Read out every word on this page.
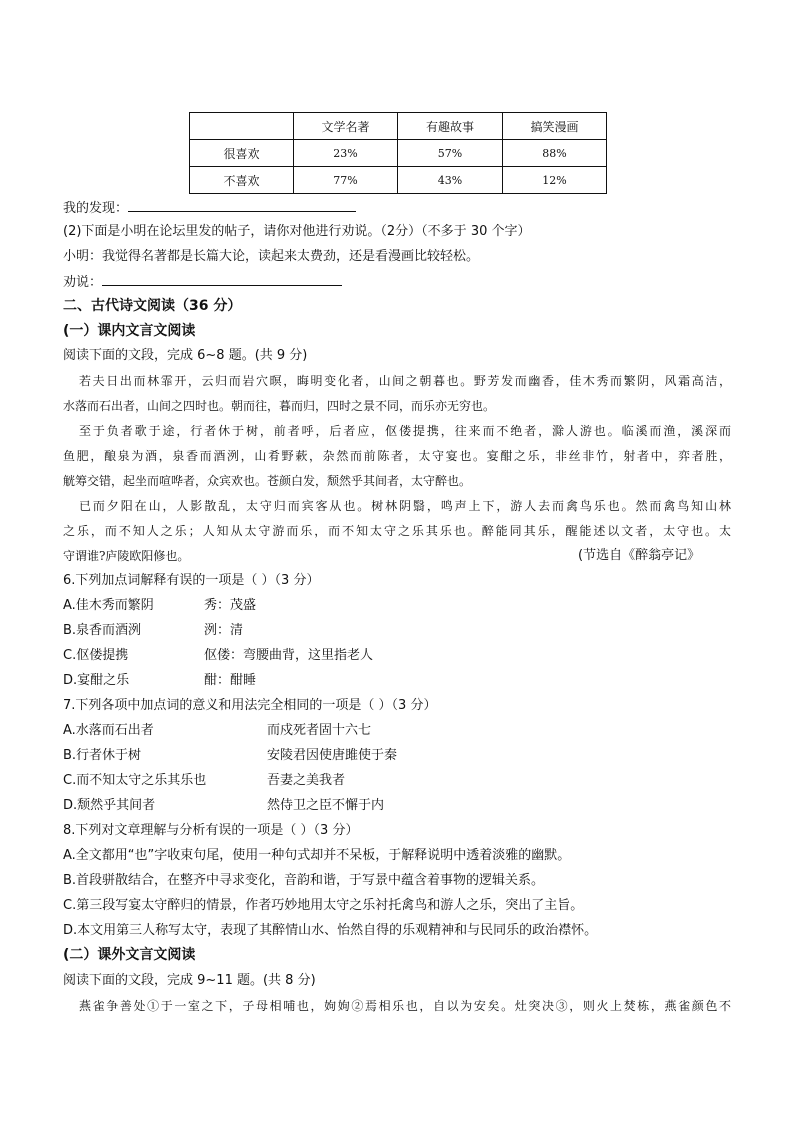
	文学名著	有趣故事	搞笑漫画
很喜欢	23%	57%	88%
不喜欢	77%	43%	12%
我的发现：
(2)下面是小明在论坛里发的帖子，请你对他进行劝说。（2分）（不多于 30 个字）
小明：我觉得名著都是长篇大论，读起来太费劲，还是看漫画比较轻松。
劝说：
二、古代诗文阅读（36 分）
(一）课内文言文阅读
阅读下面的文段，完成 6~8 题。(共 9 分)
若夫日出而林霏开，云归而岩穴暝，晦明变化者，山间之朝暮也。野芳发而幽香，佳木秀而繁阴，风霜高洁，
水落而石出者，山间之四时也。朝而往，暮而归，四时之景不同，而乐亦无穷也。
至于负者歌于途，行者休于树，前者呼，后者应，伛偻提携，往来而不绝者，滁人游也。临溪而渔，溪深而
鱼肥，酿泉为酒，泉香而酒洌，山肴野蔌，杂然而前陈者，太守宴也。宴酣之乐，非丝非竹，射者中，弈者胜，
觥筹交错，起坐而喧哗者，众宾欢也。苍颜白发，颓然乎其间者，太守醉也。
已而夕阳在山，人影散乱，太守归而宾客从也。树林阴翳，鸣声上下，游人去而禽鸟乐也。然而禽鸟知山林
之乐，而不知人之乐；人知从太守游而乐，而不知太守之乐其乐也。醉能同其乐，醒能述以文者，太守也。太
守谓谁?庐陵欧阳修也。	(节选自《醉翁亭记》
6.下列加点词解释有误的一项是（ ）（3 分）
A.佳木秀而繁阴	秀：茂盛
B.泉香而酒洌	洌：清
C.伛偻提携	伛偻：弯腰曲背，这里指老人
D.宴酣之乐	酣：酣睡
7.下列各项中加点词的意义和用法完全相同的一项是（ ）（3 分）
A.水落而石出者	而戍死者固十六七
B.行者休于树	安陵君因使唐雎使于秦
C.而不知太守之乐其乐也	吾妻之美我者
D.颓然乎其间者	然侍卫之臣不懈于内
8.下列对文章理解与分析有误的一项是（ ）（3 分）
A.全文都用“也”字收束句尾，使用一种句式却并不呆板，于解释说明中透着淡雅的幽默。
B.首段骈散结合，在整齐中寻求变化，音韵和谐，于写景中蕴含着事物的逻辑关系。
C.第三段写宴太守醉归的情景，作者巧妙地用太守之乐衬托禽鸟和游人之乐，突出了主旨。
D.本文用第三人称写太守，表现了其醉情山水、怡然自得的乐观精神和与民同乐的政治襟怀。
(二）课外文言文阅读
阅读下面的文段，完成 9~11 题。(共 8 分)
燕雀争善处①于一室之下，子母相哺也，姁姁②焉相乐也，自以为安矣。灶突决③，则火上焚栋，燕雀颜色不
